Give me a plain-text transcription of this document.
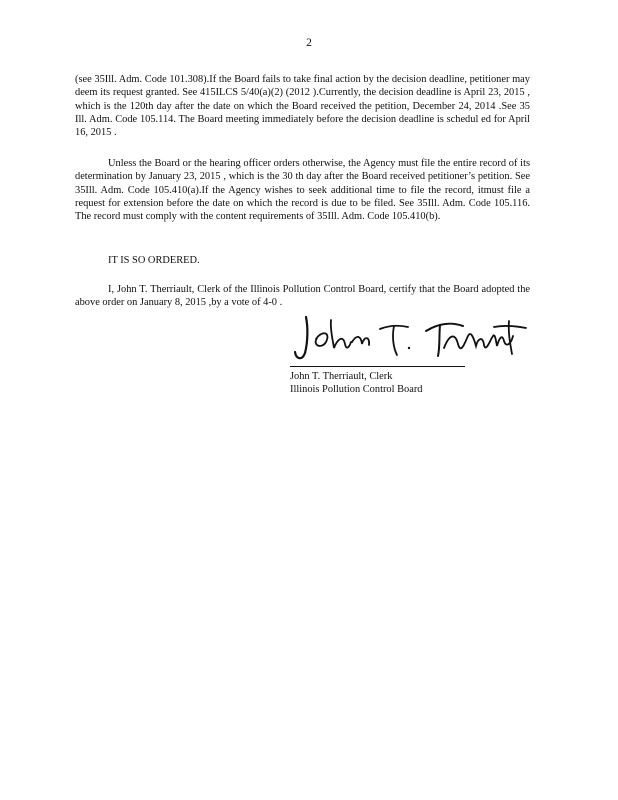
2
(see 35Ill. Adm. Code 101.308).If the Board fails to take final action by the decision deadline, petitioner may deem its request granted. See 415ILCS 5/40(a)(2) (2012 ).Currently, the decision deadline is April 23, 2015 , which is the 120th day after the date on which the Board received the petition, December 24, 2014 .See 35 Ill. Adm. Code 105.114. The Board meeting immediately before the decision deadline is schedul ed for April 16, 2015 .
Unless the Board or the hearing officer orders otherwise, the Agency must file the entire record of its determination by January 23, 2015 , which is the 30 th day after the Board received petitioner’s petition. See 35Ill. Adm. Code 105.410(a).If the Agency wishes to seek additional time to file the record, itmust file a request for extension before the date on which the record is due to be filed. See 35Ill. Adm. Code 105.116. The record must comply with the content requirements of 35Ill. Adm. Code 105.410(b).
IT IS SO ORDERED.
I, John T. Therriault, Clerk of the Illinois Pollution Control Board, certify that the Board adopted the above order on January 8, 2015 ,by a vote of 4-0 .
John T. Therriault, Clerk
Illinois Pollution Control Board
